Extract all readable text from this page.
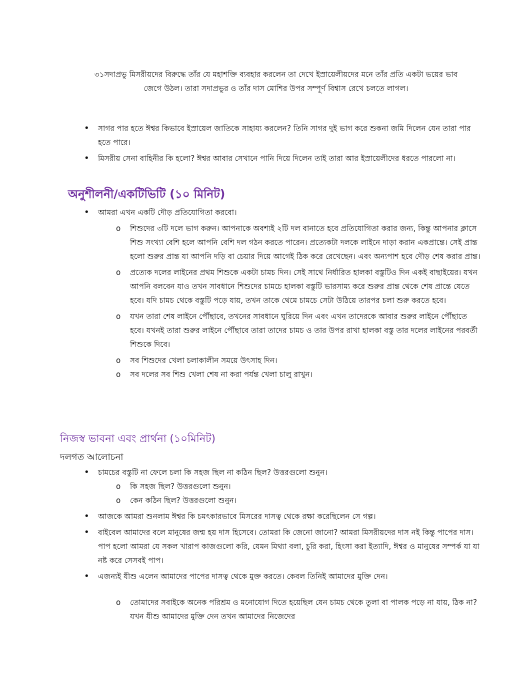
৩১সদাপ্রভু মিসরীয়দের বিরুদ্ধে তাঁর যে মহাশক্তি ব্যবহার করলেন তা দেখে ইস্রায়েলীয়দের মনে তাঁর প্রতি একটা ভয়ের ভাব জেগে উঠল। তারা সদাপ্রভুর ও তাঁর দাস মোশির উপর সম্পূর্ণ বিশ্বাস রেখে চলতে লাগল।
• সাগর পার হতে ঈশ্বর কিভাবে ইস্রায়েল জাতিকে সাহায্য করলেন? তিনি সাগর দুই ভাগ করে শুকনা জমি দিলেন যেন তারা পার হতে পারে।
• মিসরীয় সেনা বাহিনীর কি হলো? ঈশ্বর আবার সেখানে পানি দিয়ে দিলেন তাই তারা আর ইস্রায়েলীদের ধরতে পারলো না।
অনুশীলনী/একটিভিটি (১০ মিনিট)
• আমরা এখন একটি দৌড় প্রতিযোগিতা করবো।
o শিশুদের ৩টি দলে ভাগ করুন। আপনাকে অবশ্যই ২টি দল বানাতে হবে প্রতিযোগিতা করার জন্য, কিন্তু আপনার ক্লাসে শিশু সংখ্যা বেশি হলে আপনি বেশি দল গঠন করতে পারেন। প্রত্যেকটা দলকে লাইনে দাড়া করান একপ্রান্তে। সেই প্রান্ত হলো শুরুর প্রান্ত যা আপনি দড়ি বা চেয়ার দিয়ে আগেই ঠিক করে রেখেছেন। এবং অন্যপাশ হবে দৌড় শেষ করার প্রান্ত।
o প্রত্যেক দলের লাইনের প্রথম শিশুকে একটা চামচ দিন। সেই সাথে নির্ধারিত হালকা বস্তুটিও দিন একই বাছাইয়ের। যখন আপনি বলবেন যাও তখন সাবধানে শিশুদের চামচে হালকা বস্তুটি ভারসাম্য করে শুরুর প্রান্ত থেকে শেষ প্রান্তে যেতে হবে। যদি চামচ থেকে বস্তুটি পড়ে যায়, তখন তাকে থেমে চামচে সেটা উঠিয়ে তারপর চলা শুরু করতে হবে।
o যখন তারা শেষ লাইনে পৌঁছাবে, তখনের সাবধানে ঘুরিয়ে দিন এবং এখন তাদেরকে আবার শুরুর লাইনে পৌঁছাতে হবে। যখনই তারা শুরুর লাইনে পৌঁছাবে তারা তাদের চামচ ও তার উপর রাখা হালকা বস্তু তার দলের লাইনের পরবর্তী শিশুকে দিবে।
o সব শিশুদের খেলা চলাকালীন সময়ে উৎসাহ দিন।
o সব দলের সব শিশু খেলা শেষ না করা পর্যন্ত খেলা চালু রাখুন।
নিজস্ব ভাবনা এবং প্রার্থনা (১০মিনিট)
দলগত আলোচনা
• চামচের বস্তুটি না ফেলে চলা কি সহজ ছিল না কঠিন ছিল? উত্তরগুলো শুনুন।
o কি সহজ ছিল? উত্তরগুলো শুনুন।
o কেন কঠিন ছিল? উত্তরগুলো শুনুন।
• আজকে আমরা শুনলাম ঈশ্বর কি চমৎকারভাবে মিসরের দাসত্ব থেকে রক্ষা করেছিলেন সে গল্প।
• বাইবেল আমাদের বলে মানুষের জন্ম হয় দাস হিসেবে। তোমরা কি জেনো জানো? আমরা মিসরীয়দের দাস নই কিন্তু পাপের দাস। পাপ হলো আমরা যে সকল খারাপ কাজগুলো করি, যেমন মিথ্যা বলা, চুরি করা, হিংসা করা ইত্যাদি, ঈশ্বর ও মানুষের সম্পর্ক যা যা নষ্ট করে সেসবই পাপ।
• এজন্যই যীশু এলেন আমাদের পাপের দাসত্ব থেকে মুক্ত করতে। কেবল তিনিই আমাদের মুক্তি দেন।
o তোমাদের সবাইকে অনেক পরিশ্রম ও মনোযোগ দিতে হয়েছিল যেন চামচ থেকে তুলা বা পালক পড়ে না যায়, ঠিক না? যখন যীশু আমাদের মুক্তি দেন তখন আমাদের নিজেদের
